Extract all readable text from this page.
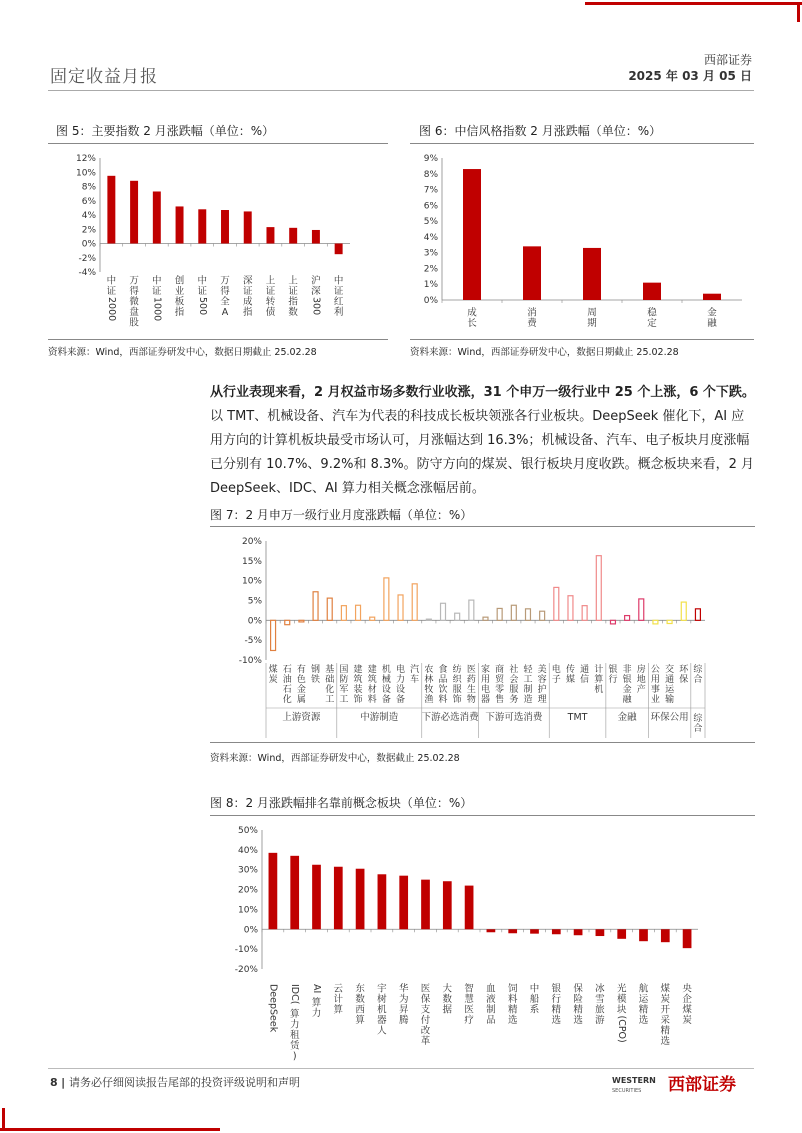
固定收益月报
西部证券
2025 年 03 月 05 日
图 5：主要指数 2 月涨跌幅（单位：%）
12%
10%
8%
6%
4%
2%
0%
-2%
-4%
中
证
2000
万
得
微
盘
股
中
证
1000
创
业
板
指
中
证
500
万
得
全
A
深
证
成
指
上
证
转
债
上
证
指
数
沪
深
300
中
证
红
利
资料来源：Wind，西部证券研发中心，数据日期截止 25.02.28
图 6：中信风格指数 2 月涨跌幅（单位：%）
9%
8%
7%
6%
5%
4%
3%
2%
1%
0%
成
长
消
费
周
期
稳
定
金
融
资料来源：Wind，西部证券研发中心，数据日期截止 25.02.28
从行业表现来看，2 月权益市场多数行业收涨，31 个申万一级行业中 25 个上涨，6 个下跌。以 TMT、机械设备、汽车为代表的科技成长板块领涨各行业板块。DeepSeek 催化下，AI 应用方向的计算机板块最受市场认可，月涨幅达到 16.3%；机械设备、汽车、电子板块月度涨幅已分别有 10.7%、9.2%和 8.3%。防守方向的煤炭、银行板块月度收跌。概念板块来看，2 月 DeepSeek、IDC、AI 算力相关概念涨幅居前。
图 7：2 月申万一级行业月度涨跌幅（单位：%）
20%
15%
10%
5%
0%
-5%
-10%
煤
炭
石
油
石
化
有
色
金
属
钢
铁
基
础
化
工
国
防
军
工
建
筑
装
饰
建
筑
材
料
机
械
设
备
电
力
设
备
汽
车
农
林
牧
渔
食
品
饮
料
纺
织
服
饰
医
药
生
物
家
用
电
器
商
贸
零
售
社
会
服
务
轻
工
制
造
美
容
护
理
电
子
传
媒
通
信
计
算
机
银
行
非
银
金
融
房
地
产
公
用
事
业
交
通
运
输
环
保
综
合
上游资源	中游制造 下游必选消费 下游可选消费	TMT	金融 环保公用 综
合
资料来源：Wind，西部证券研发中心，数据截止 25.02.28
图 8：2 月涨跌幅排名靠前概念板块（单位：%）
50%
40%
30%
20%
10%
0%
-10%
-20%
DeepSeek IDC(
算
力
租
赁
)
AI
算
力
云
计
算
东
数
西
算
宇
树
机
器
人
华
为
昇
腾
医
保
支
付
改
革
大
数
据
智
慧
医
疗
血
液
制
品
饲
料
精
选
中
船
系
银
行
精
选
保
险
精
选
冰
雪
旅
游
光
模
块
(CPO)
航
运
精
选
煤
炭
开
采
精
选
央
企
煤
炭
8 | 请务必仔细阅读报告尾部的投资评级说明和声明	WESTERN
SECURITIES 西部证券
